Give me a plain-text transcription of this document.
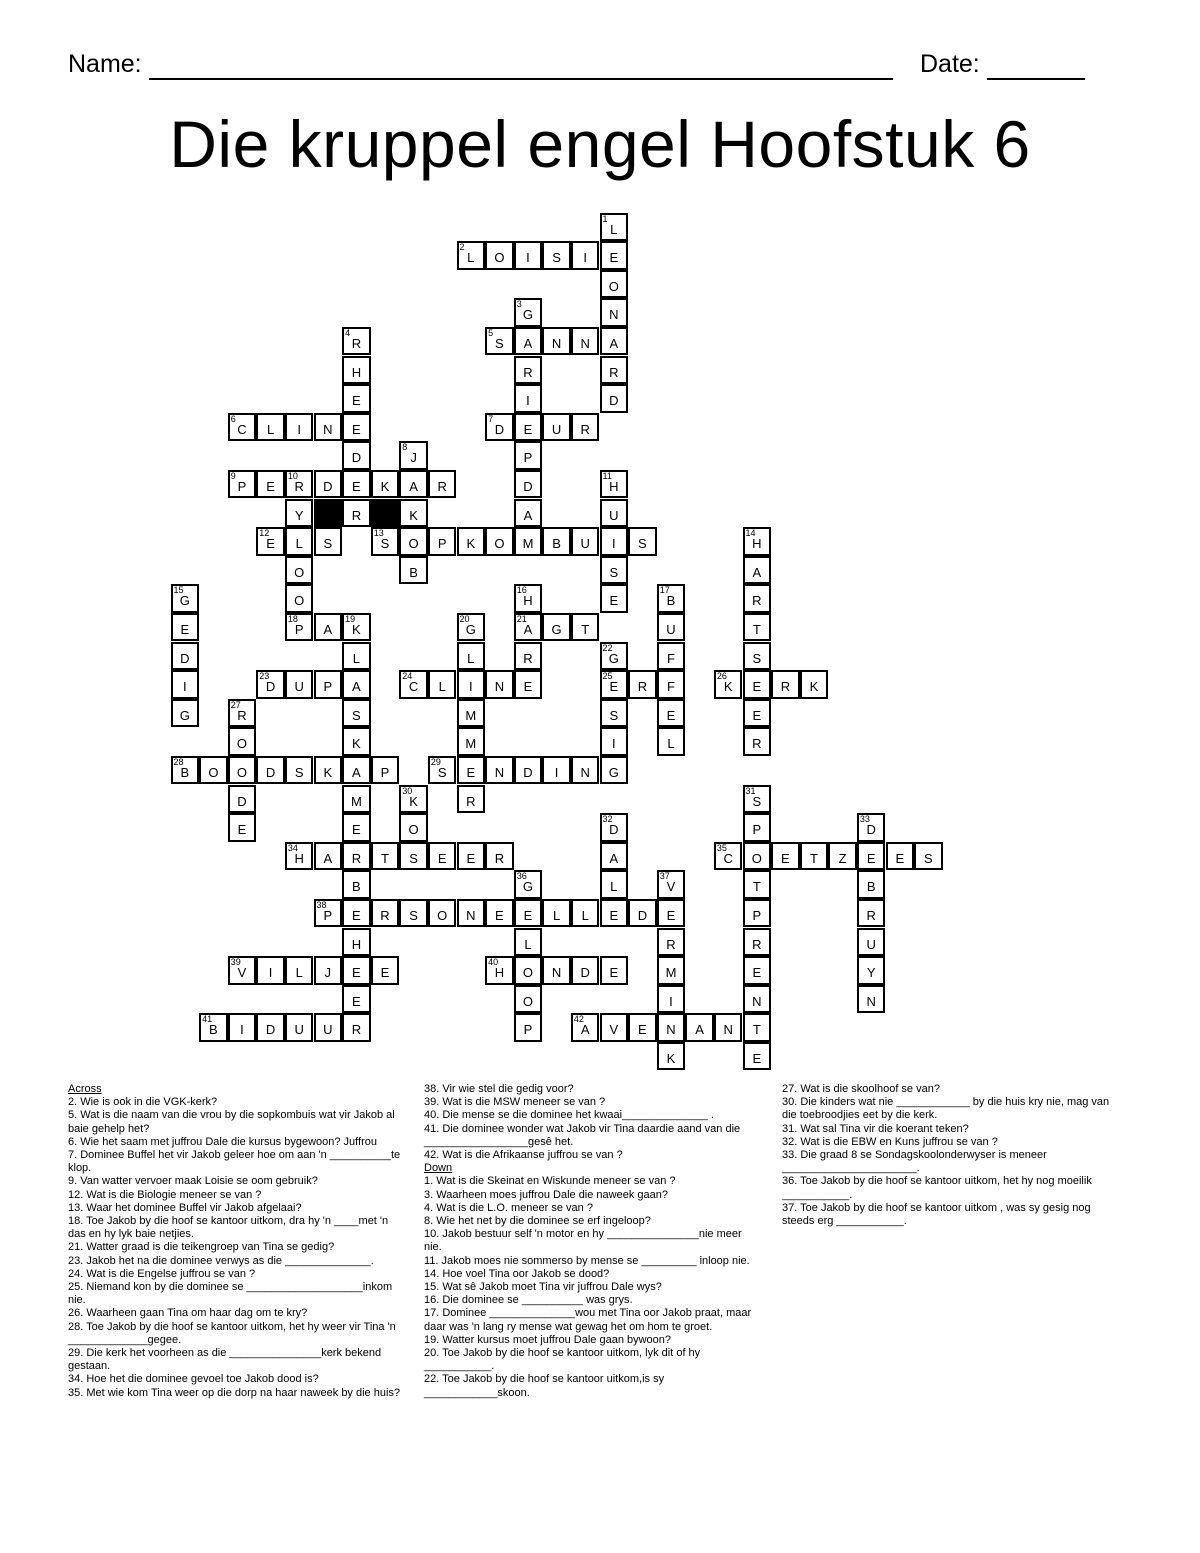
Name:	Date:
Die kruppel engel Hoofstuk 6
1
L
2
L	O	I	S	I	E
O
3
G	N
4
R
5
S	A	N	N	A
H	R	R
E	I	D
6
C	L	I	N	E
7
D	E	U	R
D
8
J	P
9
P	E
10
R	D	E	K	A	R	D
11
H
Y	R	K	A	U
12
E	L	S
13
S	O	P	K	O	M	B	U	I	S
14
H
O	B	S	A
15
G	O
16
H	E
17
B	R
E
18
P	A
19
K
20
G
21
A	G	T	U	T
D	L	L	R
22
G	F	S
I
23
D	U	P	A
24
C	L	I	N	E
25
E	R	F
26
K	E	R	K
G
27
R	S	M	S	E	E
O	K	M	I	L	R
28
B	O	O	D	S	K	A	P
29
S	E	N	D	I	N	G
D	M
30
K	R
31
S
E	E	O
32
D	P
33
D
34
H	A	R	T	S	E	E	R	A
35
C	O	E	T	Z	E	E	S
B
36
G	L
37
V	T	B
38
P	E	R	S	O	N	E	E	L	L	E	D	E	P	R
H	L	R	R	U
39
V	I	L	J	E	E
40
H	O	N	D	E	M	E	Y
E	O	I	N	N
41
B	I	D	U	U	R	P
42
A	V	E	N	A	N	T
K	E
Across
2. Wie is ook in die VGK-kerk?
5. Wat is die naam van die vrou by die sopkombuis wat vir Jakob al baie gehelp het?
6. Wie het saam met juffrou Dale die kursus bygewoon? Juffrou
7. Dominee Buffel het vir Jakob geleer hoe om aan 'n __________te klop.
9. Van watter vervoer maak Loisie se oom gebruik?
12. Wat is die Biologie meneer se van ?
13. Waar het dominee Buffel vir Jakob afgelaai?
18. Toe Jakob by die hoof se kantoor uitkom, dra hy 'n ____met 'n das en hy lyk baie netjies.
21. Watter graad is die teikengroep van Tina se gedig?
23. Jakob het na die dominee verwys as die ______________.
24. Wat is die Engelse juffrou se van ?
25. Niemand kon by die dominee se ___________________inkom nie.
26. Waarheen gaan Tina om haar dag om te kry?
28. Toe Jakob by die hoof se kantoor uitkom, het hy weer vir Tina 'n _____________gegee.
29. Die kerk het voorheen as die _______________kerk bekend gestaan.
34. Hoe het die dominee gevoel toe Jakob dood is?
35. Met wie kom Tina weer op die dorp na haar naweek by die huis?
38. Vir wie stel die gedig voor?
39. Wat is die MSW meneer se van ?
40. Die mense se die dominee het kwaai______________ .
41. Die dominee wonder wat Jakob vir Tina daardie aand van die _________________gesê het.
42. Wat is die Afrikaanse juffrou se van ?
Down
1. Wat is die Skeinat en Wiskunde meneer se van ?
3. Waarheen moes juffrou Dale die naweek gaan?
4. Wat is die L.O. meneer se van ?
8. Wie het net by die dominee se erf ingeloop?
10. Jakob bestuur self 'n motor en hy _______________nie meer nie.
11. Jakob moes nie sommerso by mense se _________ inloop nie.
14. Hoe voel Tina oor Jakob se dood?
15. Wat sê Jakob moet Tina vir juffrou Dale wys?
16. Die dominee se __________ was grys.
17. Dominee ______________wou met Tina oor Jakob praat, maar daar was 'n lang ry mense wat gewag het om hom te groet.
19. Watter kursus moet juffrou Dale gaan bywoon?
20. Toe Jakob by die hoof se kantoor uitkom, lyk dit of hy ___________.
22. Toe Jakob by die hoof se kantoor uitkom,is sy ____________skoon.
27. Wat is die skoolhoof se van?
30. Die kinders wat nie ____________ by die huis kry nie, mag van die toebroodjies eet by die kerk.
31. Wat sal Tina vir die koerant teken?
32. Wat is die EBW en Kuns juffrou se van ?
33. Die graad 8 se Sondagskoolonderwyser is meneer ______________________.
36. Toe Jakob by die hoof se kantoor uitkom, het hy nog moeilik ___________.
37. Toe Jakob by die hoof se kantoor uitkom , was sy gesig nog steeds erg ___________.
